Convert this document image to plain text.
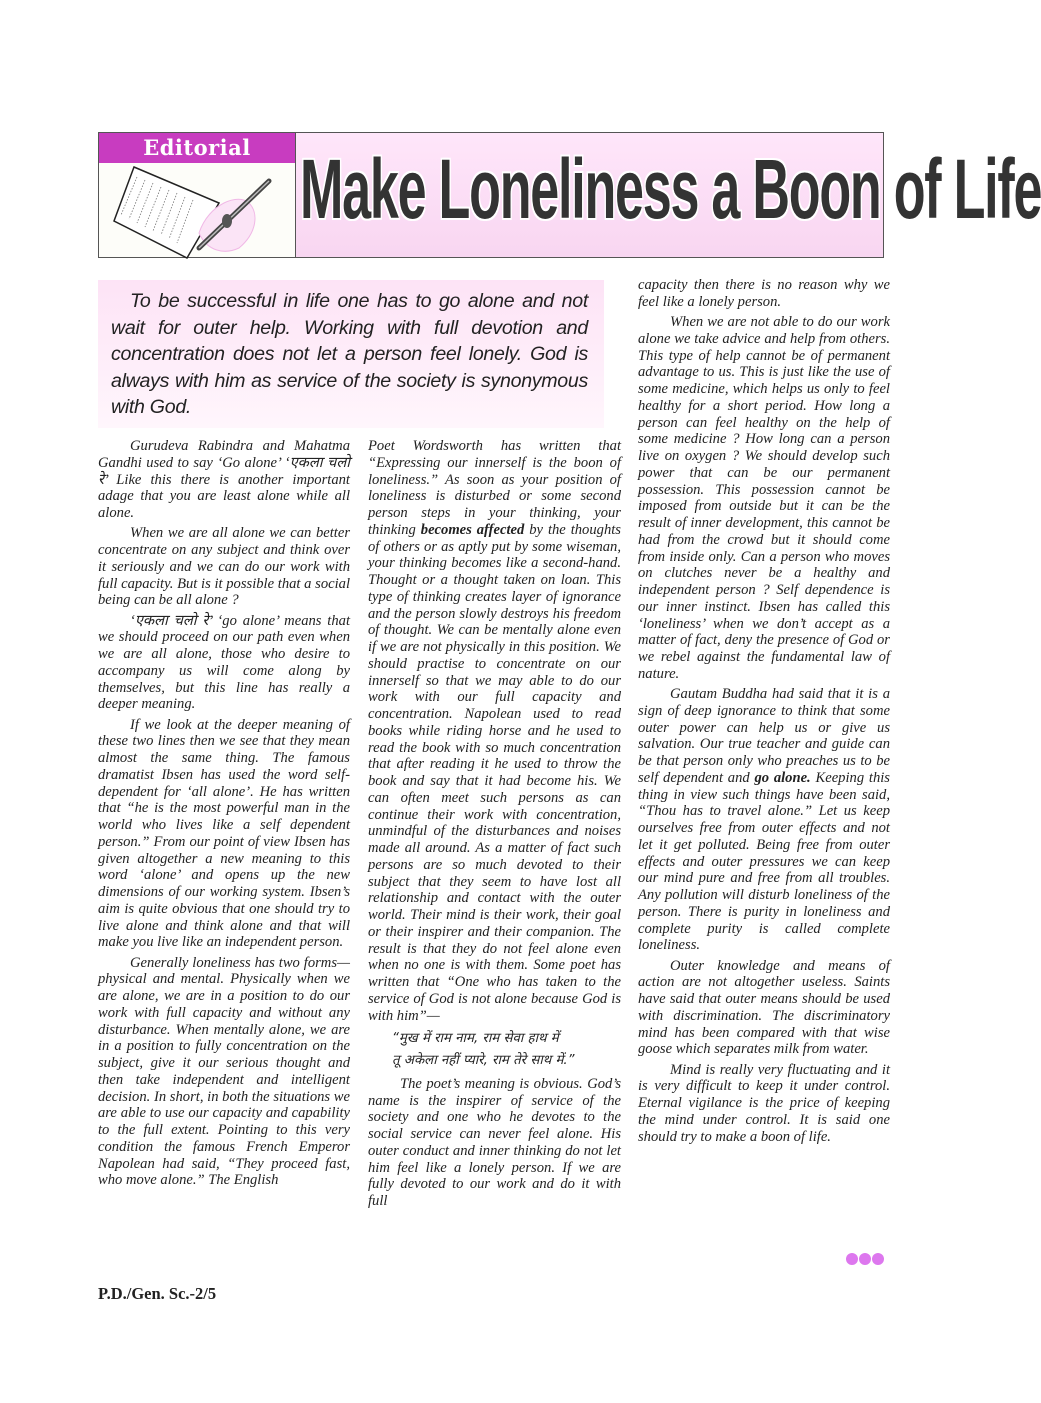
Editorial Make Loneliness a Boon of Life

To be successful in life one has to go alone and not wait for outer help. Working with full devotion and concentration does not let a person feel lonely. God is always with him as service of the society is synonymous with God.

Gurudeva Rabindra and Mahatma Gandhi used to say ‘Go alone’ ‘एकला चलो रे’ Like this there is another important adage that you are least alone while all alone.

When we are all alone we can better concentrate on any subject and think over it seriously and we can do our work with full capacity. But is it possible that a social being can be all alone ?

‘एकला चलो रे’ ‘go alone’ means that we should proceed on our path even when we are all alone, those who desire to accompany us will come along by themselves, but this line has really a deeper meaning.

If we look at the deeper meaning of these two lines then we see that they mean almost the same thing. The famous dramatist Ibsen has used the word self-dependent for ‘all alone’. He has written that “he is the most powerful man in the world who lives like a self dependent person.” From our point of view Ibsen has given altogether a new meaning to this word ‘alone’ and opens up the new dimensions of our working system. Ibsen’s aim is quite obvious that one should try to live alone and think alone and that will make you live like an independent person.

Generally loneliness has two forms—physical and mental. Physically when we are alone, we are in a position to do our work with full capacity and without any disturbance. When mentally alone, we are in a position to fully concentration on the subject, give it our serious thought and then take independent and intelligent decision. In short, in both the situations we are able to use our capacity and capability to the full extent. Pointing to this very condition the famous French Emperor Napolean had said, “They proceed fast, who move alone.” The English

Poet Wordsworth has written that “Expressing our innerself is the boon of loneliness.” As soon as your position of loneliness is disturbed or some second person steps in your thinking, your thinking becomes affected by the thoughts of others or as aptly put by some wiseman, your thinking becomes like a second-hand. Thought or a thought taken on loan. This type of thinking creates layer of ignorance and the person slowly destroys his freedom of thought. We can be mentally alone even if we are not physically in this position. We should practise to concentrate on our innerself so that we may able to do our work with our full capacity and concentration. Napolean used to read books while riding horse and he used to read the book with so much concentration that after reading it he used to throw the book and say that it had become his. We can often meet such persons as can continue their work with concentration, unmindful of the disturbances and noises made all around. As a matter of fact such persons are so much devoted to their subject that they seem to have lost all relationship and contact with the outer world. Their mind is their work, their goal or their inspirer and their companion. The result is that they do not feel alone even when no one is with them. Some poet has written that “One who has taken to the service of God is not alone because God is with him”—

“मुख में राम नाम, राम सेवा हाथ में
तू अकेला नहीं प्यारे, राम तेरे साथ में.”

The poet’s meaning is obvious. God’s name is the inspirer of service of the society and one who he devotes to the social service can never feel alone. His outer conduct and inner thinking do not let him feel like a lonely person. If we are fully devoted to our work and do it with full

capacity then there is no reason why we feel like a lonely person.

When we are not able to do our work alone we take advice and help from others. This type of help cannot be of permanent advantage to us. This is just like the use of some medicine, which helps us only to feel healthy for a short period. How long a person can feel healthy on the help of some medicine ? How long can a person live on oxygen ? We should develop such power that can be our permanent possession. This possession cannot be imposed from outside but it can be the result of inner development, this cannot be had from the crowd but it should come from inside only. Can a person who moves on clutches never be a healthy and independent person ? Self dependence is our inner instinct. Ibsen has called this ‘loneliness’ when we don’t accept as a matter of fact, deny the presence of God or we rebel against the fundamental law of nature.

Gautam Buddha had said that it is a sign of deep ignorance to think that some outer power can help us or give us salvation. Our true teacher and guide can be that person only who preaches us to be self dependent and go alone. Keeping this thing in view such things have been said, “Thou has to travel alone.” Let us keep ourselves free from outer effects and not let it get polluted. Being free from outer effects and outer pressures we can keep our mind pure and free from all troubles. Any pollution will disturb loneliness of the person. There is purity in loneliness and complete purity is called complete loneliness.

Outer knowledge and means of action are not altogether useless. Saints have said that outer means should be used with discrimination. The discriminatory mind has been compared with that wise goose which separates milk from water.

Mind is really very fluctuating and it is very difficult to keep it under control. Eternal vigilance is the price of keeping the mind under control. It is said one should try to make a boon of life.

P.D./Gen. Sc.-2/5
